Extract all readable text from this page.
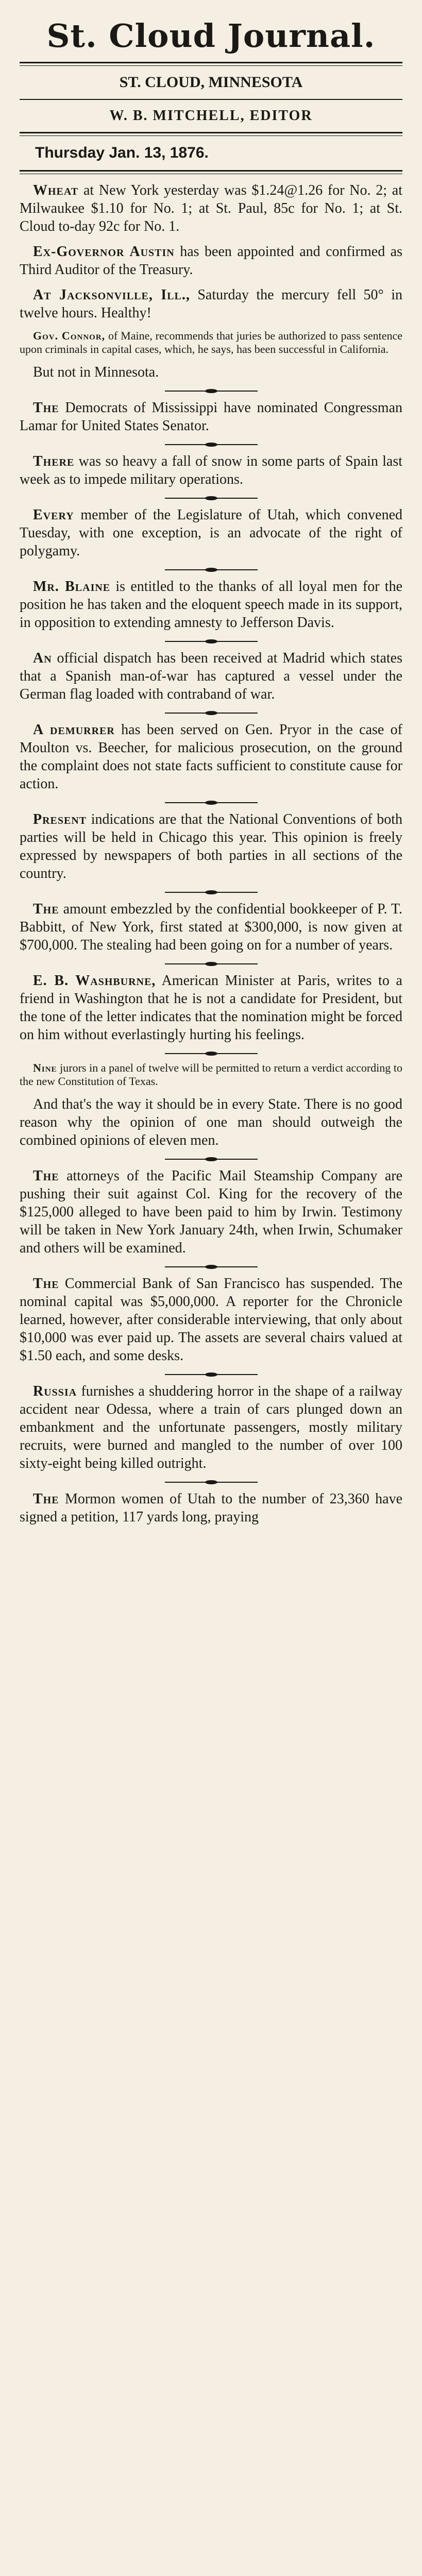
St. Cloud Journal.
ST. CLOUD, MINNESOTA
W. B. MITCHELL, EDITOR
Thursday Jan. 13, 1876.

Wheat at New York yesterday was $1.24@1.26 for No. 2; at Milwaukee $1.10 for No. 1; at St. Paul, 85c for No. 1; at St. Cloud to-day 92c for No. 1.

Ex-Governor Austin has been appointed and confirmed as Third Auditor of the Treasury.

At Jacksonville, Ill., Saturday the mercury fell 50° in twelve hours. Healthy!

Gov. Connor, of Maine, recommends that juries be authorized to pass sentence upon criminals in capital cases, which, he says, has been successful in California.

But not in Minnesota.

The Democrats of Mississippi have nominated Congressman Lamar for United States Senator.

There was so heavy a fall of snow in some parts of Spain last week as to impede military operations.

Every member of the Legislature of Utah, which convened Tuesday, with one exception, is an advocate of the right of polygamy.

Mr. Blaine is entitled to the thanks of all loyal men for the position he has taken and the eloquent speech made in its support, in opposition to extending amnesty to Jefferson Davis.

An official dispatch has been received at Madrid which states that a Spanish man-of-war has captured a vessel under the German flag loaded with contraband of war.

A demurrer has been served on Gen. Pryor in the case of Moulton vs. Beecher, for malicious prosecution, on the ground the complaint does not state facts sufficient to constitute cause for action.

Present indications are that the National Conventions of both parties will be held in Chicago this year. This opinion is freely expressed by newspapers of both parties in all sections of the country.

The amount embezzled by the confidential bookkeeper of P. T. Babbitt, of New York, first stated at $300,000, is now given at $700,000. The stealing had been going on for a number of years.

E. B. Washburne, American Minister at Paris, writes to a friend in Washington that he is not a candidate for President, but the tone of the letter indicates that the nomination might be forced on him without everlastingly hurting his feelings.

Nine jurors in a panel of twelve will be permitted to return a verdict according to the new Constitution of Texas.

And that's the way it should be in every State. There is no good reason why the opinion of one man should outweigh the combined opinions of eleven men.

The attorneys of the Pacific Mail Steamship Company are pushing their suit against Col. King for the recovery of the $125,000 alleged to have been paid to him by Irwin. Testimony will be taken in New York January 24th, when Irwin, Schumaker and others will be examined.

The Commercial Bank of San Francisco has suspended. The nominal capital was $5,000,000. A reporter for the Chronicle learned, however, after considerable interviewing, that only about $10,000 was ever paid up. The assets are several chairs valued at $1.50 each, and some desks.

Russia furnishes a shuddering horror in the shape of a railway accident near Odessa, where a train of cars plunged down an embankment and the unfortunate passengers, mostly military recruits, were burned and mangled to the number of over 100 sixty-eight being killed outright.

The Mormon women of Utah to the number of 23,360 have signed a petition, 117 yards long, praying
